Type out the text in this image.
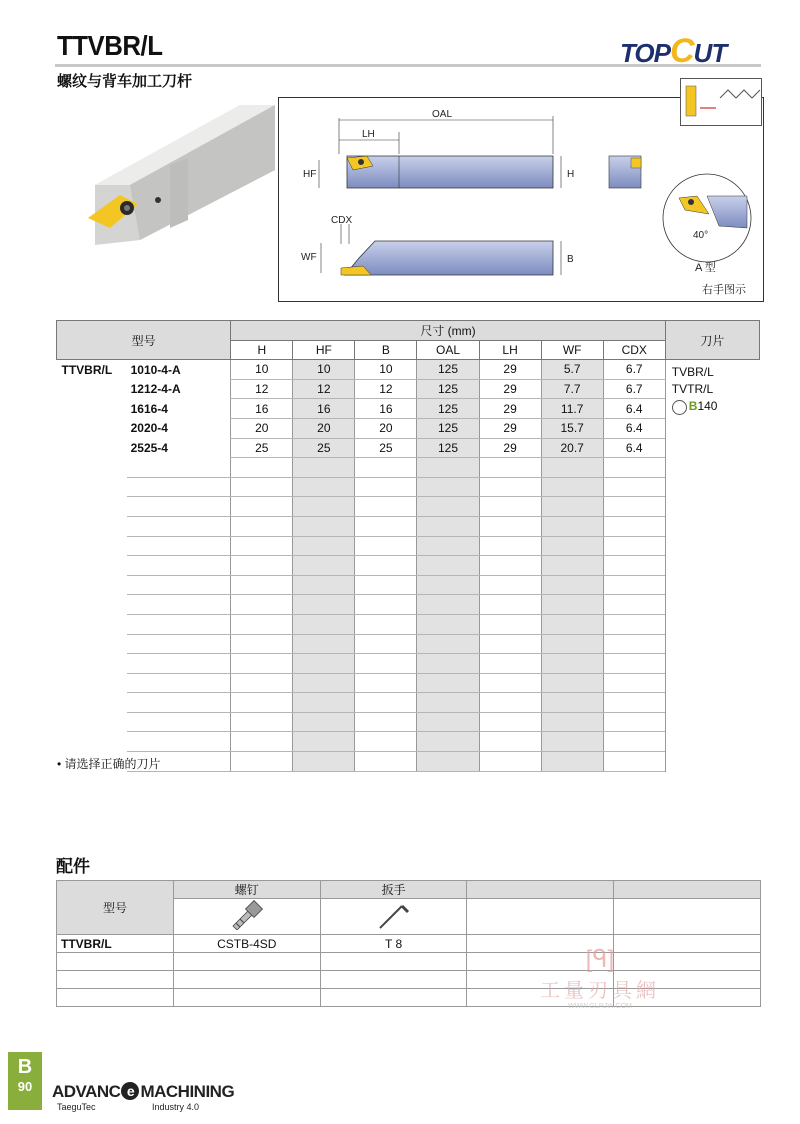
TTVBR/L
螺纹与背车加工刀杆
TOPCUT
OAL
LH
HF	H
CDX
WF	B
40°
A 型
右手图示
型号		尺寸 (mm)							刀片
		H	HF	B	OAL	LH	WF	CDX	
TTVBR/L	1010-4-A	10	10	10	125	29	5.7	6.7	TVBR/L
TVTR/L
B140

	1212-4-A	12	12	12	125	29	7.7	6.7	
	1616-4	16	16	16	125	29	11.7	6.4	
	2020-4	20	20	20	125	29	15.7	6.4	
	2525-4	25	25	25	125	29	20.7	6.4	

• 请选择正确的刀片
配件
型号	螺钉	扳手		

TTVBR/L	CSTB-4SD	T 8		

[ᑫ]
工量刃具網
WWW.GLRJW.COM
B
90	ADVANC e MACHINING
TaeguTec	Industry 4.0
